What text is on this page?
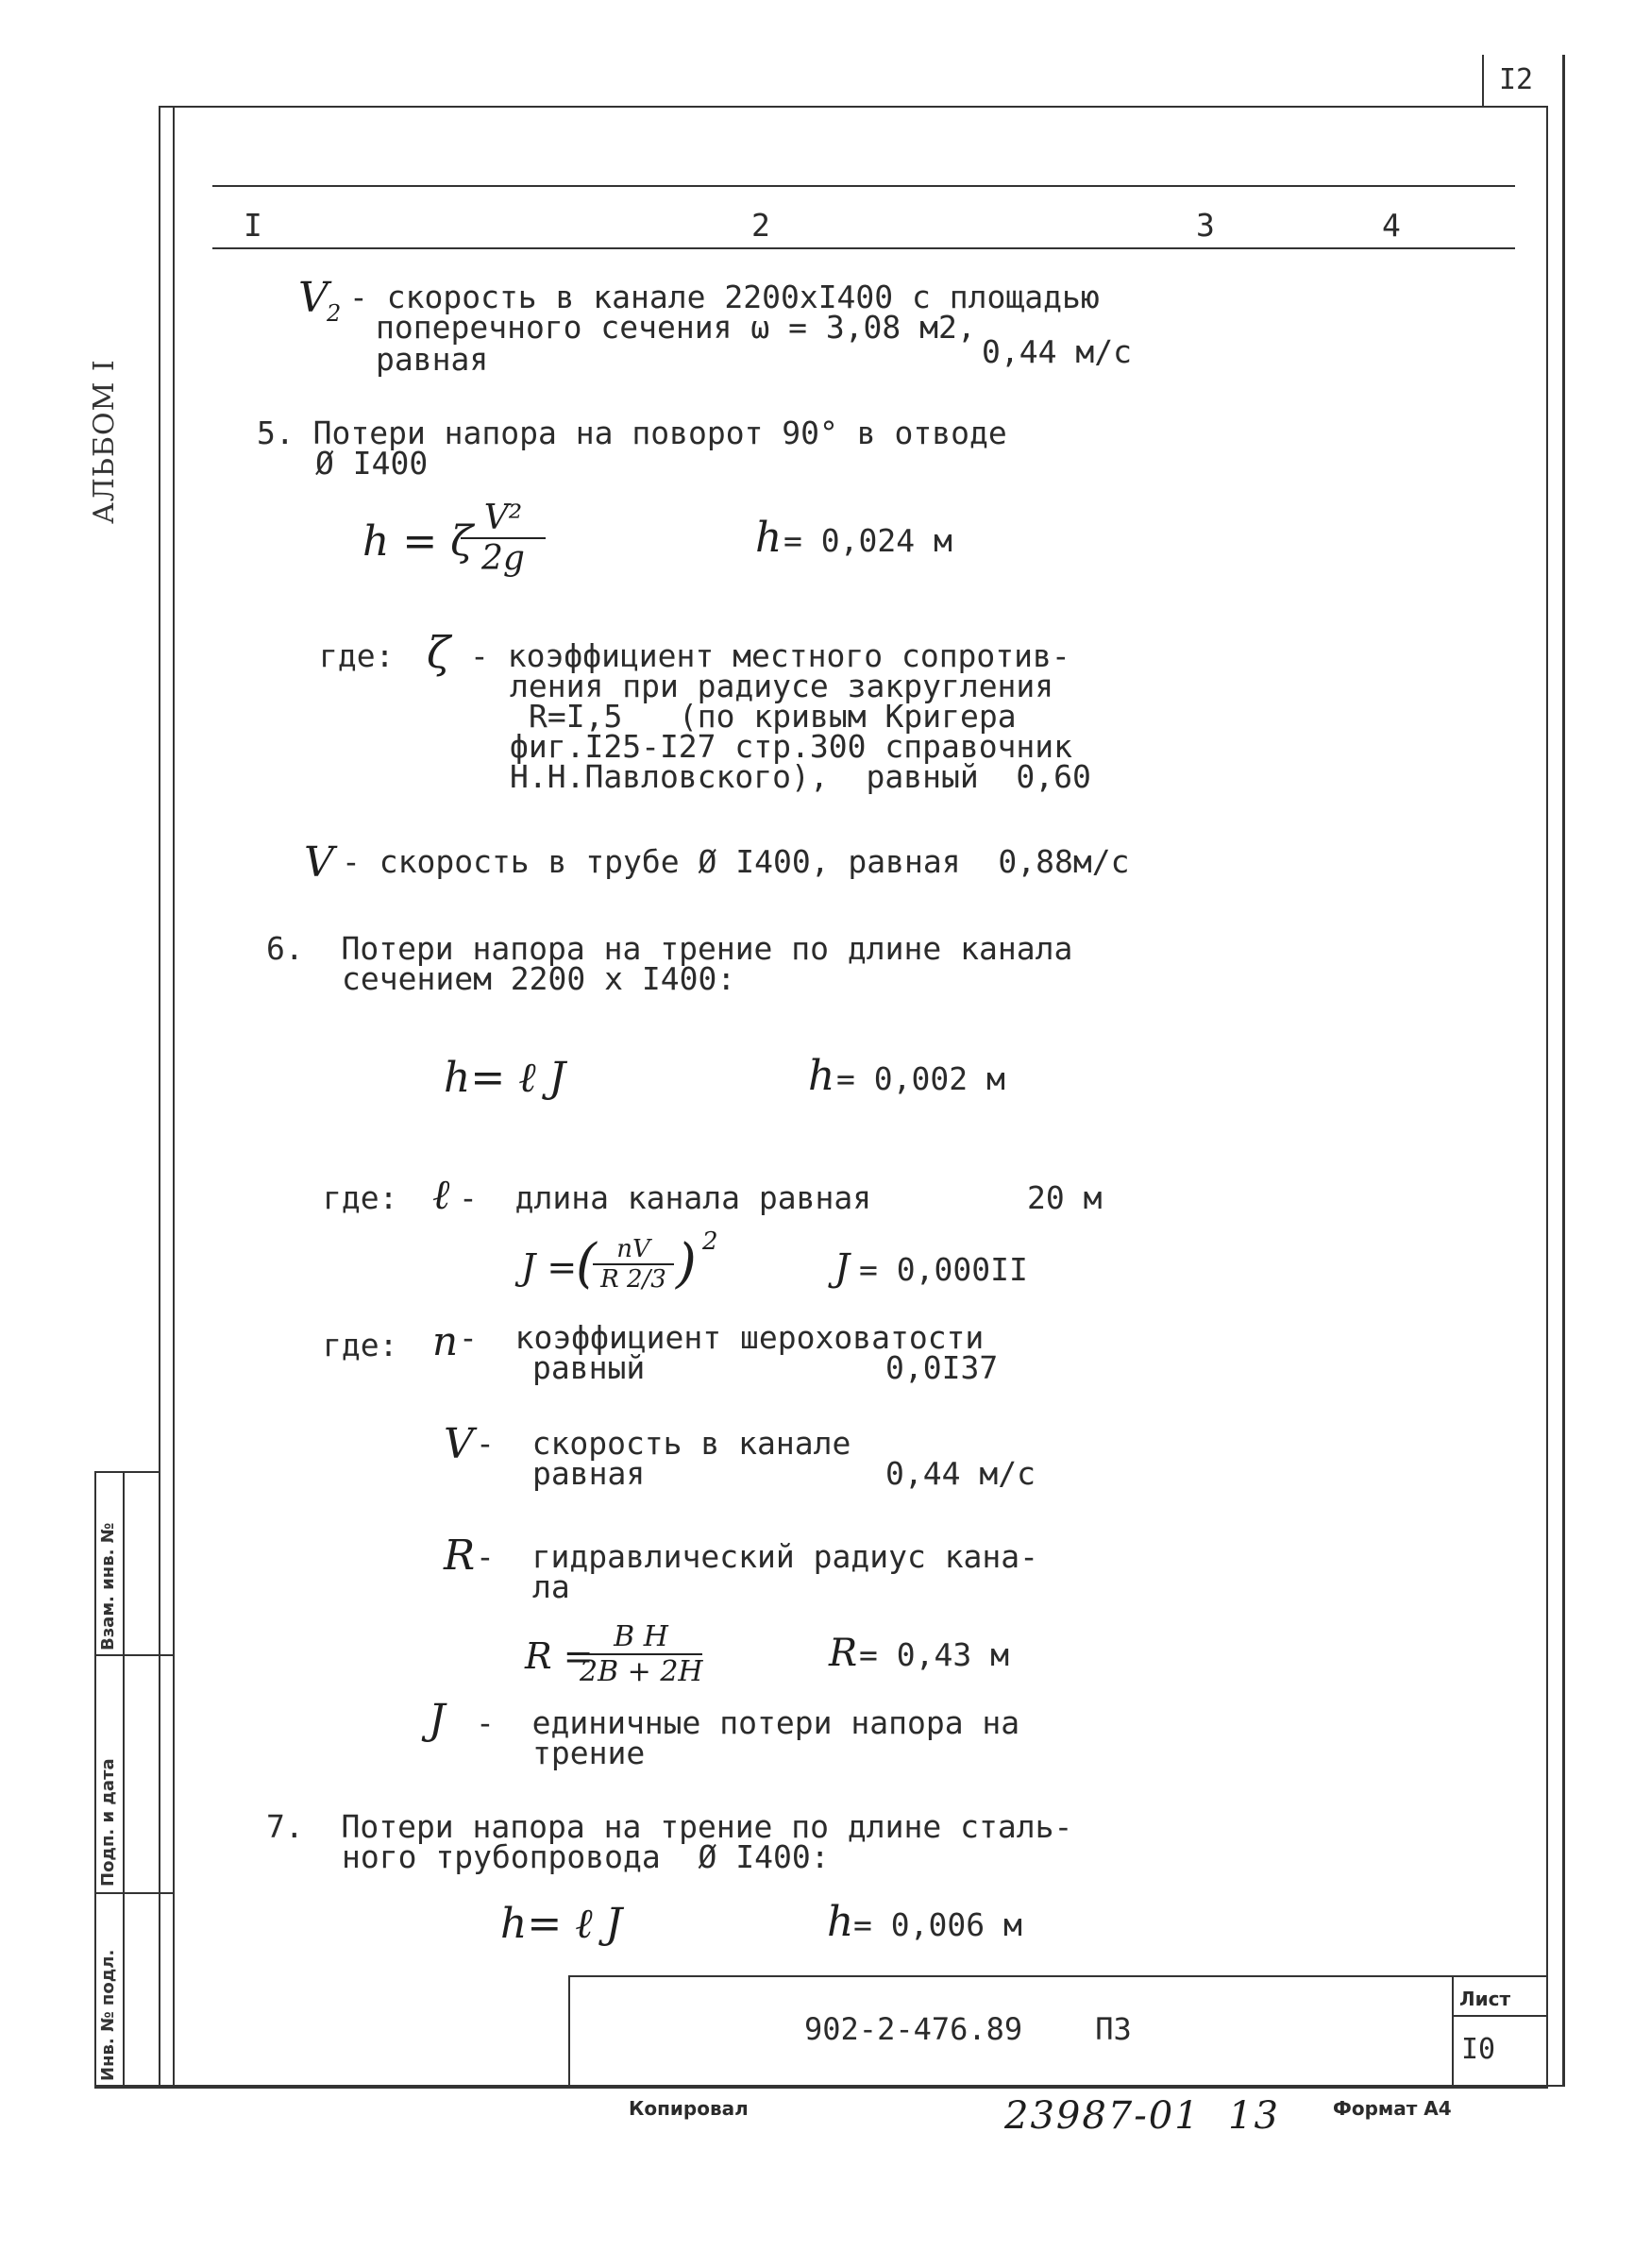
I2
АЛЬБОМ I
I	2	3	4
V
2 - скорость в канале 2200хI400 с площадью
поперечного сечения ω = 3,08 м2,
равная	0,44 м/с
5. Потери напора на поворот 90° в отводе
Ø I400
h = ζ V²
2g	h = 0,024 м
где: ζ - коэффициент местного сопротив-
ления при радиусе закругления
R=I,5   (по кривым Кригера
фиг.I25-I27 стр.300 справочник
Н.Н.Павловского),  равный  0,60
V - скорость в трубе Ø I400, равная  0,88м/с
6.  Потери напора на трение по длине канала
сечением 2200 х I400:
h= ℓ J	h = 0,002 м
где: ℓ -  длина канала равная	20 м
J =
( nV
R 2/3 ) 2
J = 0,000II
где: n -  коэффициент шероховатости
равный	0,0I37
V -  скорость в канале
равная	0,44 м/с
R -  гидравлический радиус кана-
ла
R = B H
2B + 2H	R = 0,43 м
J -  единичные потери напора на
трение
7.  Потери напора на трение по длине сталь-
ного трубопровода  Ø I400:
h= ℓ J	h = 0,006 м
902-2-476.89    ПЗ
Лист
I0
Взам. инв. №
Подп. и дата
Инв. № подл.
Копировал	23987-01  13	Формат А4
